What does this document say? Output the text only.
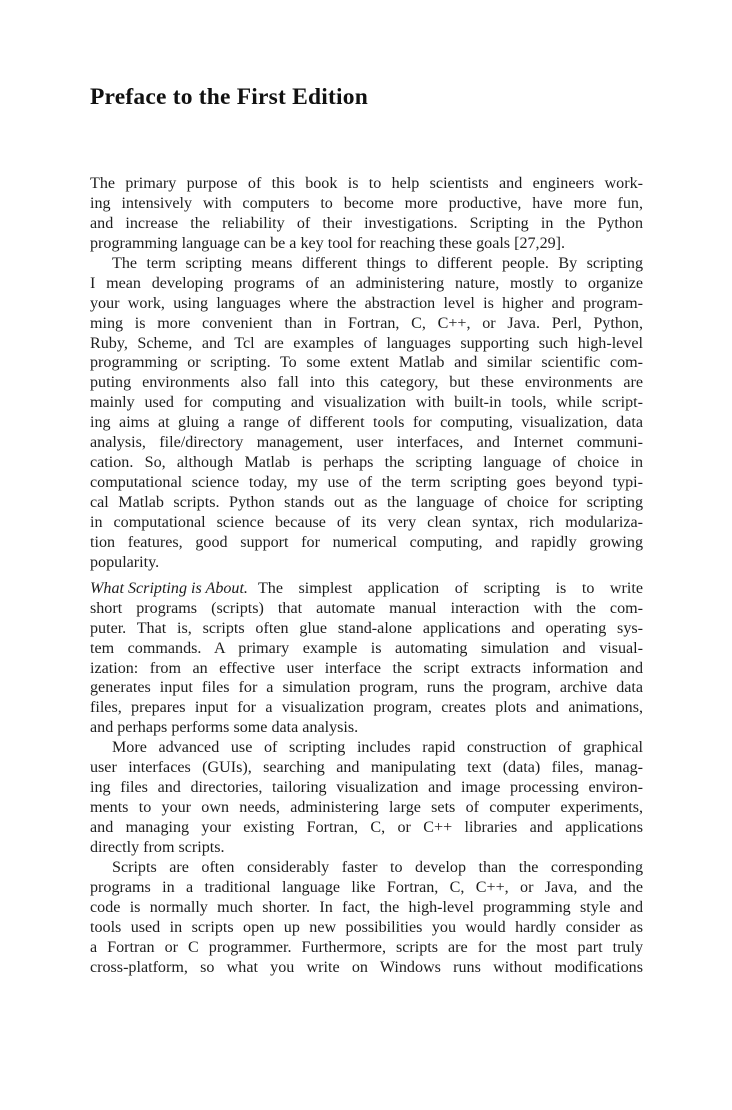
Preface to the First Edition
The primary purpose of this book is to help scientists and engineers work-
ing intensively with computers to become more productive, have more fun,
and increase the reliability of their investigations. Scripting in the Python
programming language can be a key tool for reaching these goals [27,29].
The term scripting means different things to different people. By scripting
I mean developing programs of an administering nature, mostly to organize
your work, using languages where the abstraction level is higher and program-
ming is more convenient than in Fortran, C, C++, or Java. Perl, Python,
Ruby, Scheme, and Tcl are examples of languages supporting such high-level
programming or scripting. To some extent Matlab and similar scientific com-
puting environments also fall into this category, but these environments are
mainly used for computing and visualization with built-in tools, while script-
ing aims at gluing a range of different tools for computing, visualization, data
analysis, file/directory management, user interfaces, and Internet communi-
cation. So, although Matlab is perhaps the scripting language of choice in
computational science today, my use of the term scripting goes beyond typi-
cal Matlab scripts. Python stands out as the language of choice for scripting
in computational science because of its very clean syntax, rich modulariza-
tion features, good support for numerical computing, and rapidly growing
popularity.
What Scripting is About. The simplest application of scripting is to write
short programs (scripts) that automate manual interaction with the com-
puter. That is, scripts often glue stand-alone applications and operating sys-
tem commands. A primary example is automating simulation and visual-
ization: from an effective user interface the script extracts information and
generates input files for a simulation program, runs the program, archive data
files, prepares input for a visualization program, creates plots and animations,
and perhaps performs some data analysis.
More advanced use of scripting includes rapid construction of graphical
user interfaces (GUIs), searching and manipulating text (data) files, manag-
ing files and directories, tailoring visualization and image processing environ-
ments to your own needs, administering large sets of computer experiments,
and managing your existing Fortran, C, or C++ libraries and applications
directly from scripts.
Scripts are often considerably faster to develop than the corresponding
programs in a traditional language like Fortran, C, C++, or Java, and the
code is normally much shorter. In fact, the high-level programming style and
tools used in scripts open up new possibilities you would hardly consider as
a Fortran or C programmer. Furthermore, scripts are for the most part truly
cross-platform, so what you write on Windows runs without modifications
